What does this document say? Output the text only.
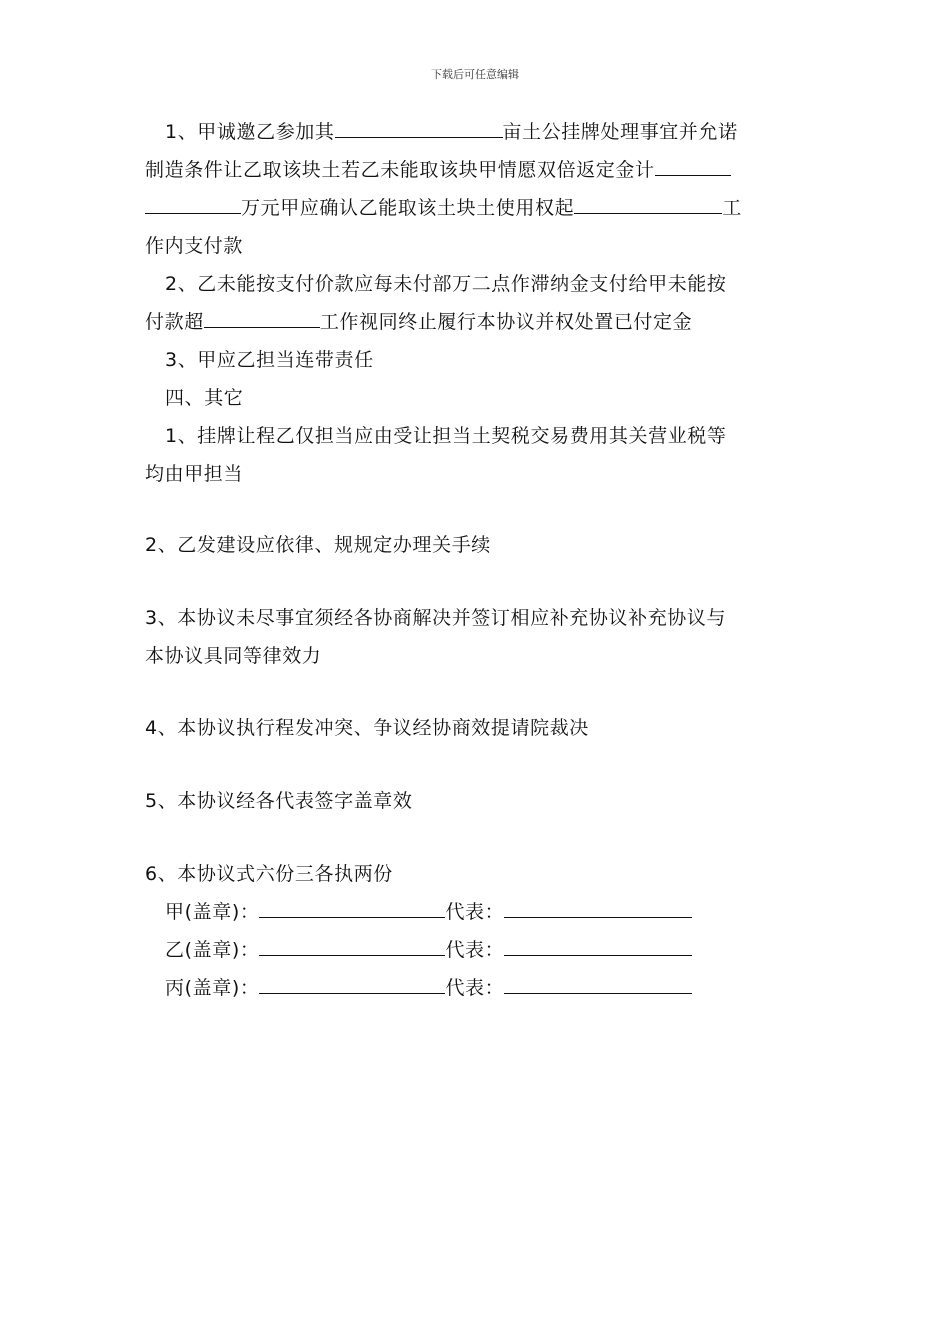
下载后可任意编辑
1、甲诚邀乙参加其	亩土公挂牌处理事宜并允诺
制造条件让乙取该块土若乙未能取该块甲情愿双倍返定金计
万元甲应确认乙能取该土块土使用权起	工
作内支付款
2、乙未能按支付价款应每未付部万二点作滞纳金支付给甲未能按
付款超	工作视同终止履行本协议并权处置已付定金
3、甲应乙担当连带责任
四、其它
1、挂牌让程乙仅担当应由受让担当土契税交易费用其关营业税等
均由甲担当
2、乙发建设应依律、规规定办理关手续
3、本协议未尽事宜须经各协商解决并签订相应补充协议补充协议与
本协议具同等律效力
4、本协议执行程发冲突、争议经协商效提请院裁决
5、本协议经各代表签字盖章效
6、本协议式六份三各执两份
甲(盖章)：	代表：
乙(盖章)：	代表：
丙(盖章)：	代表：
